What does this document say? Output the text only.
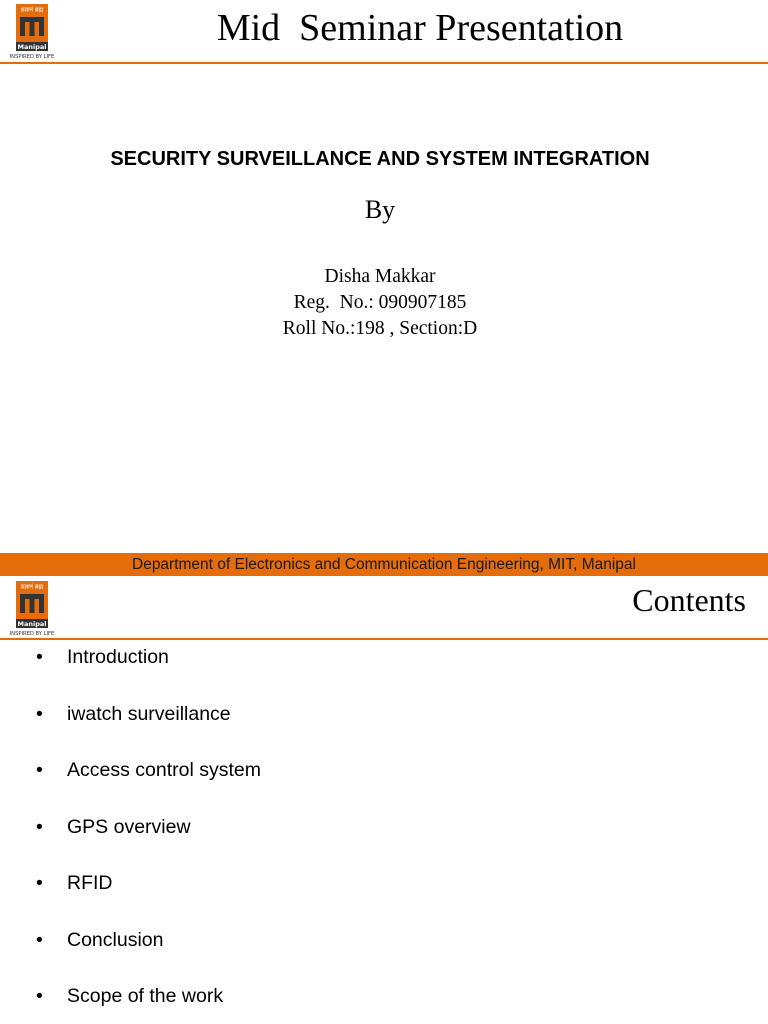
प्रज्ञानं ब्रह्म
Manipal
INSPIRED BY LIFE
Mid  Seminar Presentation
SECURITY SURVEILLANCE AND SYSTEM INTEGRATION
By
Disha Makkar
Reg.  No.: 090907185
Roll No.:198 , Section:D
Department of Electronics and Communication Engineering, MIT, Manipal
प्रज्ञानं ब्रह्म
Manipal
INSPIRED BY LIFE
Contents
•	Introduction
•	iwatch surveillance
•	Access control system
•	GPS overview
•	RFID
•	Conclusion
•	Scope of the work
